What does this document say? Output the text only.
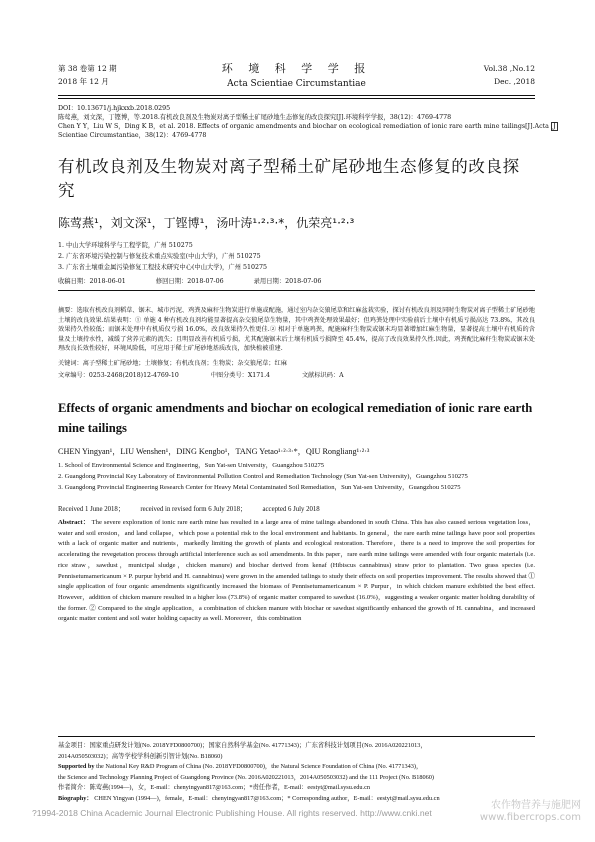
第 38 卷第 12 期
2018 年 12 月
环 境 科 学 学 报
Acta Scientiae Circumstantiae
Vol.38 ,No.12
Dec. ,2018
DOI：10.13671/j.hjkxxb.2018.0295
陈莺燕，刘文深，丁铿博，等.2018.有机改良剂及生物炭对离子型稀土矿尾砂地生态修复的改良探究[J].环境科学学报，38(12)：4769-4778
Chen Y Y，Liu W S，Ding K B，et al. 2018. Effects of organic amendments and biochar on ecological remediation of ionic rare earth mine tailings[J].Acta J
Scientiae Circumstantiae，38(12)：4769-4778
有机改良剂及生物炭对离子型稀土矿尾砂地生态修复的改良探究
陈莺燕¹，刘文深¹，丁铿博¹，汤叶涛¹·²·³·*，仇荣亮¹·²·³
1. 中山大学环境科学与工程学院，广州 510275
2. 广东省环境污染控制与修复技术重点实验室(中山大学)，广州 510275
3. 广东省土壤重金属污染修复工程技术研究中心(中山大学)，广州 510275
收稿日期：2018-06-01	修回日期：2018-07-06	录用日期：2018-07-06
摘要：选取有机改良剂稻草、锯末、城市污泥、鸡粪及麻秆生物炭进行单施或配施，通过室内杂交狼尾草和红麻盆栽实验，探讨有机改良剂及同时生物炭对离子型稀土矿尾砂地土壤的改良效果.结果表明：① 单施 4 种有机改良剂均能显著提高杂交狼尾草生物量，其中鸡粪处理效果最好；但鸡粪处理中实验前后土壤中有机质亏损高达 73.8%，其改良效果持久性较低；而锯末处理中有机质仅亏损 16.0%，改良效果持久性更佳.② 相对于单施鸡粪，配施麻秆生物炭或锯末均显著增加红麻生物量，显著提高土壤中有机质的含量及土壤持水性，减缓了营养元素的流失；且明显改善有机质亏损，尤其配施锯末后土壤有机质亏损降至 45.4%，提高了改良效果持久性.因此，鸡粪配比麻秆生物炭或锯末处理改良长效性较好，环境风险低，可应用于稀土矿尾砂地基质改良，加快植被重建.
关键词：离子型稀土矿尾砂地；土壤修复；有机改良剂；生物炭；杂交狼尾草；红麻
文章编号：0253-2468(2018)12-4769-10	中图分类号：X171.4	文献标识码：A
Effects of organic amendments and biochar on ecological remediation of ionic rare earth mine tailings
CHEN Yingyan¹，LIU Wenshen¹，DING Kengbo¹，TANG Yetao¹·²·³·*，QIU Rongliang¹·²·³
1. School of Environmental Science and Engineering，Sun Yat-sen University，Guangzhou 510275
2. Guangdong Provincial Key Laboratory of Environmental Pollution Control and Remediation Technology (Sun Yat-sen University)，Guangzhou 510275
3. Guangdong Provincial Engineering Research Center for Heavy Metal Contaminated Soil Remediation，Sun Yat-sen University，Guangzhou 510275
Received 1 June 2018； received in revised form 6 July 2018； accepted 6 July 2018
Abstract： The severe exploration of ionic rare earth mine has resulted in a large area of mine tailings abandoned in south China. This has also caused serious vegetation loss，water and soil erosion，and land collapse，which pose a potential risk to the local environment and habitants. In general，the rare earth mine tailings have poor soil properties with a lack of organic matter and nutrients，markedly limiting the growth of plants and ecological restoration. Therefore，there is a need to improve the soil properties for accelerating the revegetation process through artificial interference such as soil amendments. In this paper，rare earth mine tailings were amended with four organic materials (i.e. rice straw，sawdust，municipal sludge，chicken manure) and biochar derived from kenaf (Hibiscus cannabinus) straw prior to plantation. Two grass species (i.e. Pennisetumamericanum × P. purpur hybrid and H. cannabinus) were grown in the amended tailings to study their effects on soil properties improvement. The results showed that ① single application of four organic amendments significantly increased the biomass of Pennisetumamericanum × P. Purpur，in which chicken manure exhibited the best effect. However，addition of chicken manure resulted in a higher loss (73.8%) of organic matter compared to sawdust (16.0%)，suggesting a weaker organic matter holding durability of the former. ② Compared to the single application，a combination of chicken manure with biochar or sawdust significantly enhanced the growth of H. cannabina，and increased organic matter content and soil water holding capacity as well. Moreover，this combination
基金项目：国家重点研发计划(No. 2018YFD0800700)；国家自然科学基金(No. 41771343)；广东省科技计划项目(No. 2016A020221013，
2014A050503032)；高等学校学科创新引智计划(No. B18060)
Supported by the National Key R&D Program of China (No. 2018YFD0800700)，the Natural Science Foundation of China (No. 41771343)，
the Science and Technology Planning Project of Guangdong Province (No. 2016A020221013，2014A050503032) and the 111 Project (No. B18060)
作者简介：陈莺燕(1994—)，女，E-mail：chenyingyan817@163.com；*责任作者，E-mail：eestyt@mail.sysu.edu.cn
Biography： CHEN Yingyan (1994—)，female，E-mail：chenyingyan817@163.com；* Corresponding author，E-mail：eestyt@mail.sysu.edu.cn
?1994-2018 China Academic Journal Electronic Publishing House. All rights reserved. http://www.cnki.net
农作物营养与施肥网
www.fibercrops.com
